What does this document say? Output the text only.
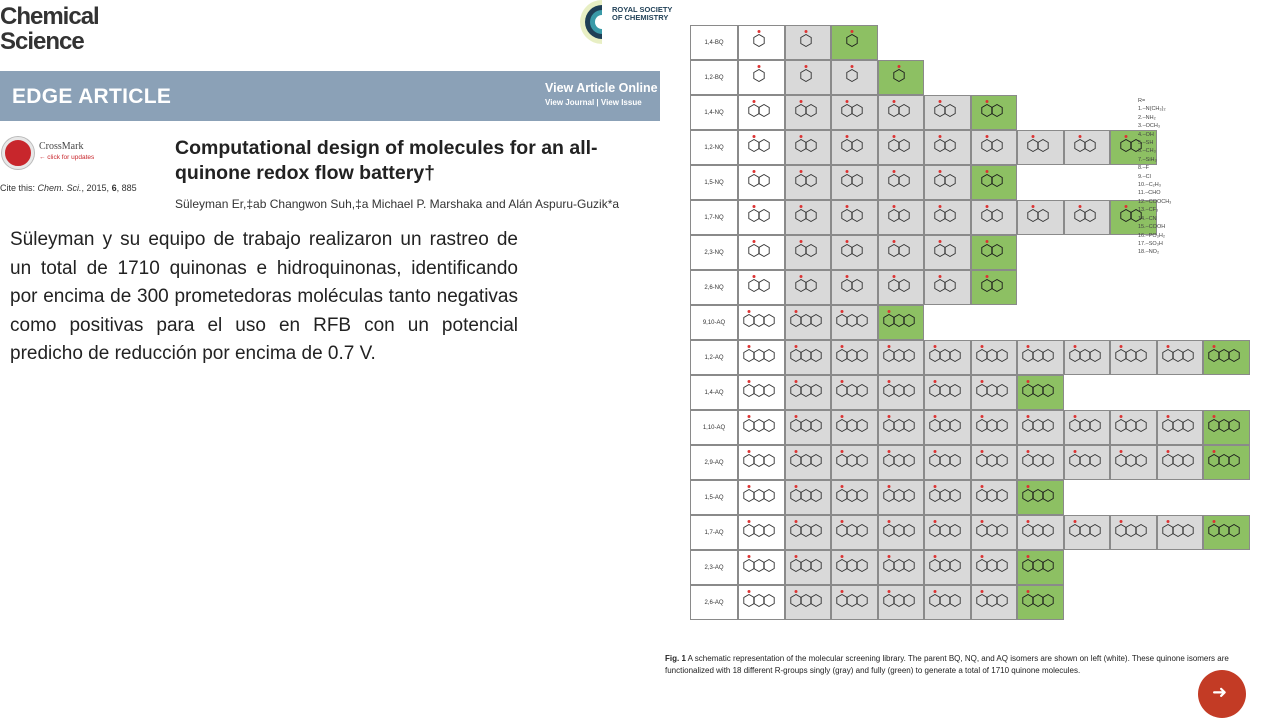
Chemical
Science
ROYAL SOCIETY
OF CHEMISTRY
EDGE ARTICLE	View Article Online
View Journal | View Issue
CrossMark
← click for updates
Cite this: Chem. Sci., 2015, 6, 885
Computational design of molecules for an all-quinone redox flow battery†
Süleyman Er,‡ab Changwon Suh,‡a Michael P. Marshaka and Alán Aspuru-Guzik*a
Süleyman y su equipo de trabajo realizaron un rastreo de un total de 1710 quinonas e hidroquinonas, identificando por encima de 300 prometedoras moléculas tanto negativas como positivas para el uso en RFB con un potencial predicho de reducción por encima de 0.7 V.
1,4-BQ
1,2-BQ
1,4-NQ
1,2-NQ
1,5-NQ
1,7-NQ
2,3-NQ
2,6-NQ
9,10-AQ
1,2-AQ
1,4-AQ
1,10-AQ
2,9-AQ
1,5-AQ
1,7-AQ
2,3-AQ
2,6-AQ
R=
1.–N(CH₃)₂
2.–NH₂
3.–OCH₃
4.–OH
5.–SH
6.–CH₃
7.–SiH₃
8.–F
9.–Cl
10.–C₂H₃
11.–CHO
12.–COOCH₃
13.–CF₃
14.–CN
15.–COOH
16.–PO₃H₂
17.–SO₃H
18.–NO₂
Fig. 1 A schematic representation of the molecular screening library. The parent BQ, NQ, and AQ isomers are shown on left (white). These quinone isomers are functionalized with 18 different R-groups singly (gray) and fully (green) to generate a total of 1710 quinone molecules.
➜
